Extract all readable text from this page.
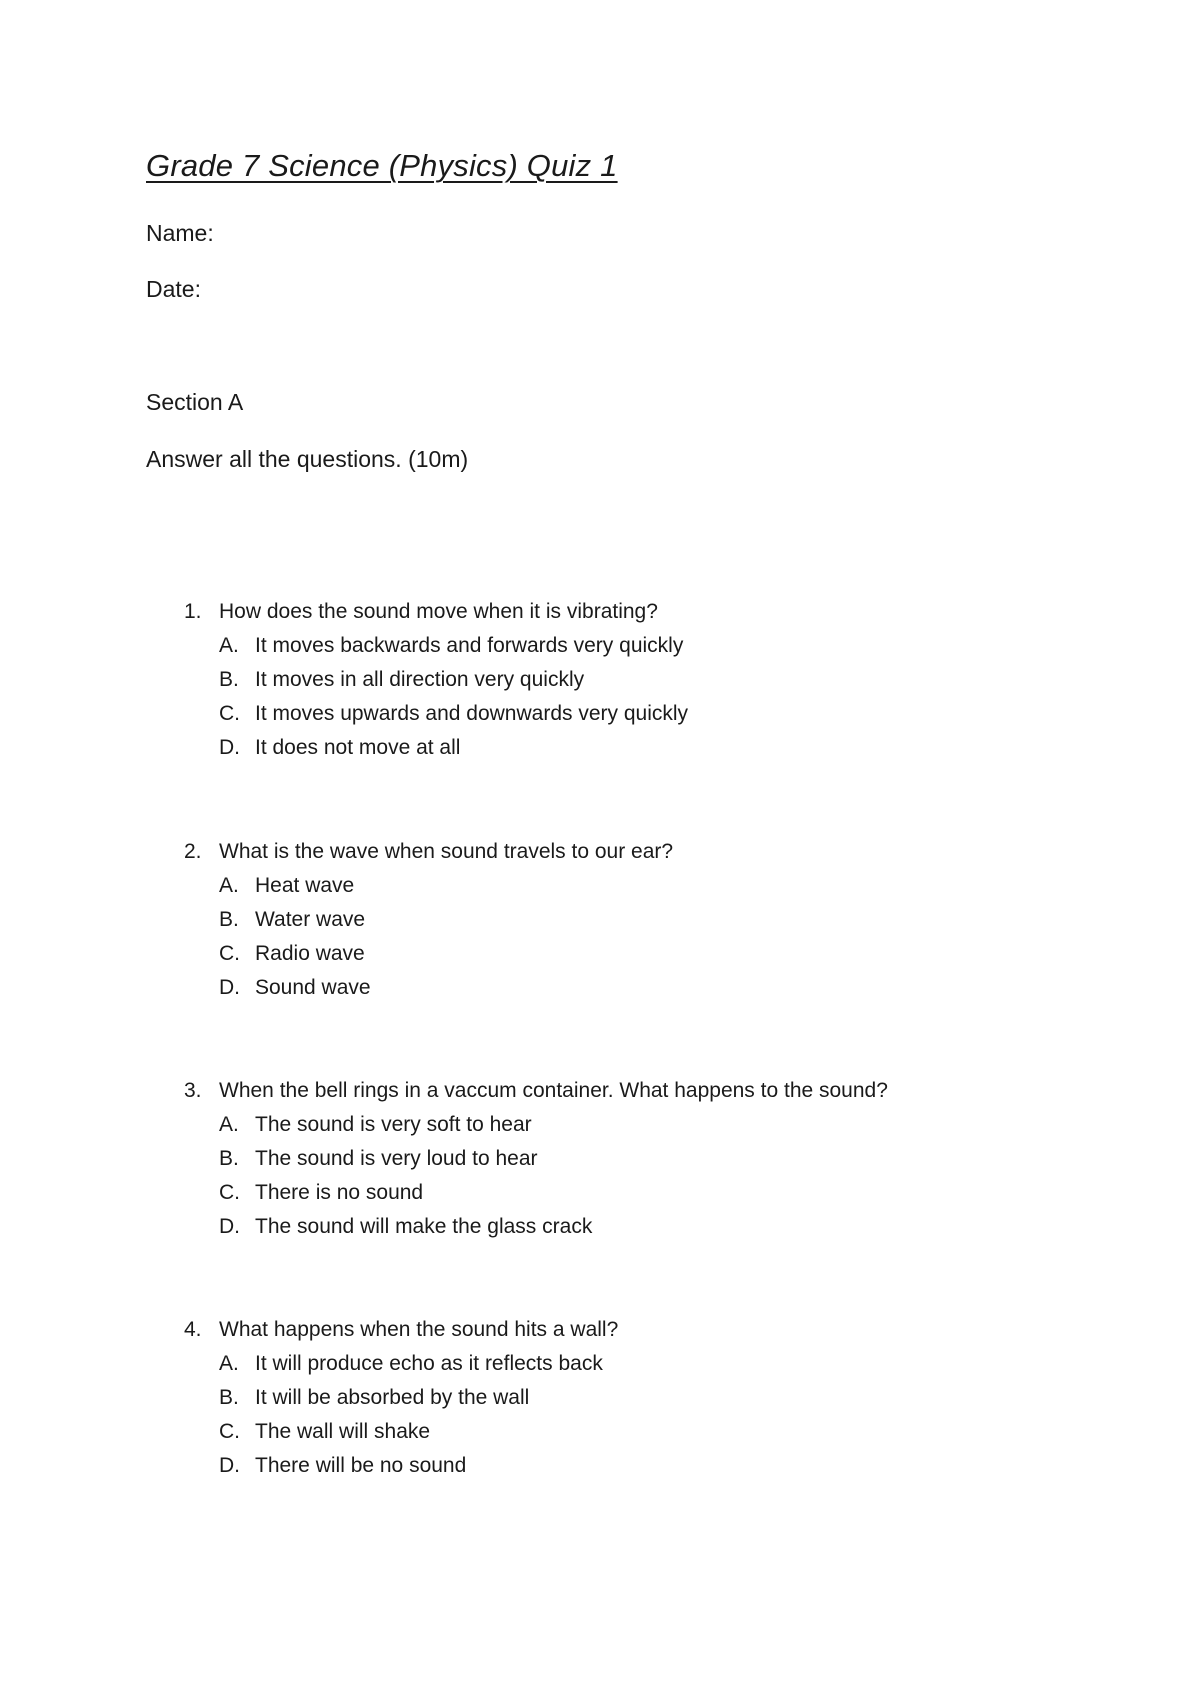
Grade 7 Science (Physics) Quiz 1
Name:
Date:
Section A
Answer all the questions. (10m)
1. How does the sound move when it is vibrating?
A. It moves backwards and forwards very quickly
B. It moves in all direction very quickly
C. It moves upwards and downwards very quickly
D. It does not move at all
2. What is the wave when sound travels to our ear?
A. Heat wave
B. Water wave
C. Radio wave
D. Sound wave
3. When the bell rings in a vaccum container. What happens to the sound?
A. The sound is very soft to hear
B. The sound is very loud to hear
C. There is no sound
D. The sound will make the glass crack
4. What happens when the sound hits a wall?
A. It will produce echo as it reflects back
B. It will be absorbed by the wall
C. The wall will shake
D. There will be no sound
